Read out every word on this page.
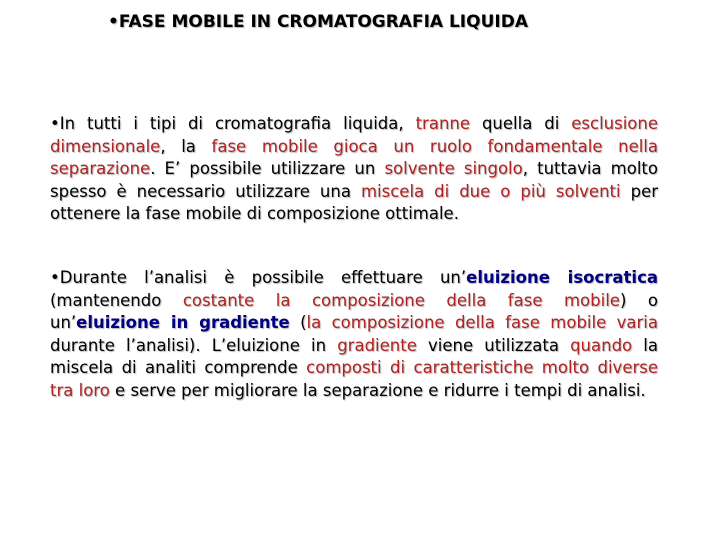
•FASE MOBILE IN CROMATOGRAFIA LIQUIDA
•In tutti i tipi di cromatografia liquida, tranne quella di esclusione dimensionale, la fase mobile gioca un ruolo fondamentale nella separazione. E’ possibile utilizzare un solvente singolo, tuttavia molto spesso è necessario utilizzare una miscela di due o più solventi per ottenere la fase mobile di composizione ottimale.
•Durante l’analisi è possibile effettuare un’eluizione isocratica (mantenendo costante la composizione della fase mobile) o un’eluizione in gradiente (la composizione della fase mobile varia durante l’analisi). L’eluizione in gradiente viene utilizzata quando la miscela di analiti comprende composti di caratteristiche molto diverse tra loro e serve per migliorare la separazione e ridurre i tempi di analisi.
